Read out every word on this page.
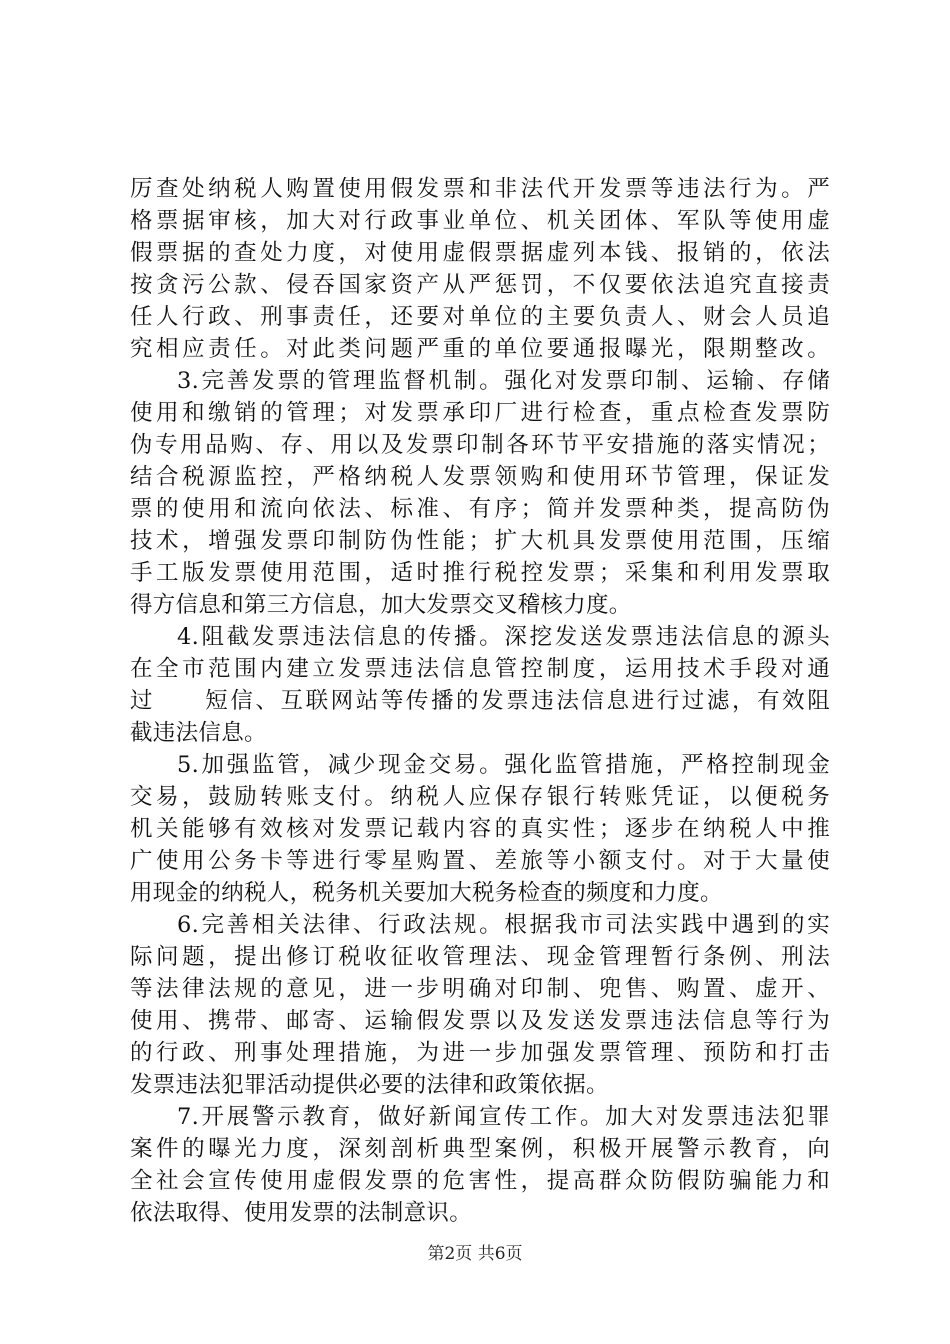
厉查处纳税人购置使用假发票和非法代开发票等违法行为。严
格票据审核，加大对行政事业单位、机关团体、军队等使用虚
假票据的查处力度，对使用虚假票据虚列本钱、报销的，依法
按贪污公款、侵吞国家资产从严惩罚，不仅要依法追究直接责
任人行政、刑事责任，还要对单位的主要负责人、财会人员追
究相应责任。对此类问题严重的单位要通报曝光，限期整改。
3.完善发票的管理监督机制。强化对发票印制、运输、存储
使用和缴销的管理；对发票承印厂进行检查，重点检查发票防
伪专用品购、存、用以及发票印制各环节平安措施的落实情况；
结合税源监控，严格纳税人发票领购和使用环节管理，保证发
票的使用和流向依法、标准、有序；简并发票种类，提高防伪
技术，增强发票印制防伪性能；扩大机具发票使用范围，压缩
手工版发票使用范围，适时推行税控发票；采集和利用发票取
得方信息和第三方信息，加大发票交叉稽核力度。
4.阻截发票违法信息的传播。深挖发送发票违法信息的源头
在全市范围内建立发票违法信息管控制度，运用技术手段对通
过　　短信、互联网站等传播的发票违法信息进行过滤，有效阻
截违法信息。
5.加强监管，减少现金交易。强化监管措施，严格控制现金
交易，鼓励转账支付。纳税人应保存银行转账凭证，以便税务
机关能够有效核对发票记载内容的真实性；逐步在纳税人中推
广使用公务卡等进行零星购置、差旅等小额支付。对于大量使
用现金的纳税人，税务机关要加大税务检查的频度和力度。
6.完善相关法律、行政法规。根据我市司法实践中遇到的实
际问题，提出修订税收征收管理法、现金管理暂行条例、刑法
等法律法规的意见，进一步明确对印制、兜售、购置、虚开、
使用、携带、邮寄、运输假发票以及发送发票违法信息等行为
的行政、刑事处理措施，为进一步加强发票管理、预防和打击
发票违法犯罪活动提供必要的法律和政策依据。
7.开展警示教育，做好新闻宣传工作。加大对发票违法犯罪
案件的曝光力度，深刻剖析典型案例，积极开展警示教育，向
全社会宣传使用虚假发票的危害性，提高群众防假防骗能力和
依法取得、使用发票的法制意识。
第2页 共6页
